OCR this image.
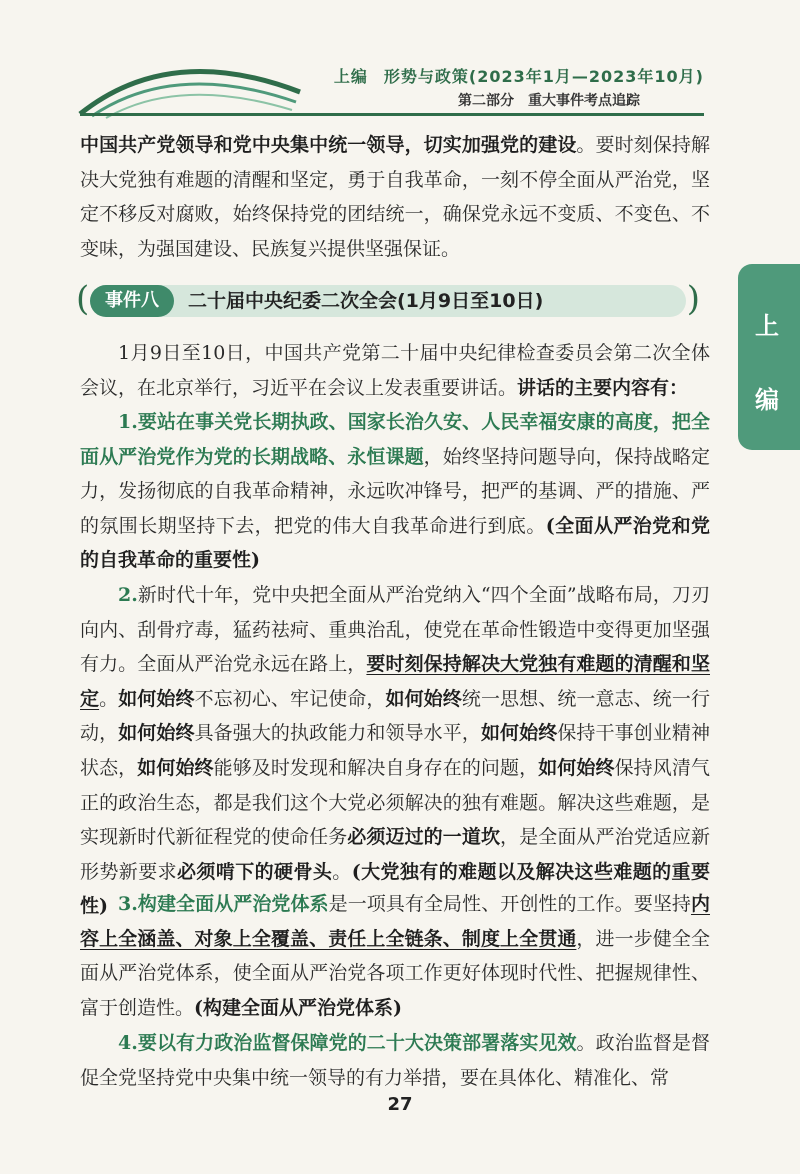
上编 形势与政策(2023年1月—2023年10月)
第二部分　重大事件考点追踪
上
编

中国共产党领导和党中央集中统一领导，切实加强党的建设。要时刻保持解决大党独有难题的清醒和坚定，勇于自我革命，一刻不停全面从严治党，坚定不移反对腐败，始终保持党的团结统一，确保党永远不变质、不变色、不变味，为强国建设、民族复兴提供坚强保证。

( 事件八	二十届中央纪委二次全会(1月9日至10日)	)

1月9日至10日，中国共产党第二十届中央纪律检查委员会第二次全体会议，在北京举行，习近平在会议上发表重要讲话。讲话的主要内容有：

1.要站在事关党长期执政、国家长治久安、人民幸福安康的高度，把全面从严治党作为党的长期战略、永恒课题，始终坚持问题导向，保持战略定力，发扬彻底的自我革命精神，永远吹冲锋号，把严的基调、严的措施、严的氛围长期坚持下去，把党的伟大自我革命进行到底。(全面从严治党和党的自我革命的重要性)

2.新时代十年，党中央把全面从严治党纳入“四个全面”战略布局，刀刃向内、刮骨疗毒，猛药祛疴、重典治乱，使党在革命性锻造中变得更加坚强有力。全面从严治党永远在路上，要时刻保持解决大党独有难题的清醒和坚定。如何始终不忘初心、牢记使命，如何始终统一思想、统一意志、统一行动，如何始终具备强大的执政能力和领导水平，如何始终保持干事创业精神状态，如何始终能够及时发现和解决自身存在的问题，如何始终保持风清气正的政治生态，都是我们这个大党必须解决的独有难题。解决这些难题，是实现新时代新征程党的使命任务必须迈过的一道坎，是全面从严治党适应新形势新要求必须啃下的硬骨头。(大党独有的难题以及解决这些难题的重要性) 3.构建全面从严治党体系是一项具有全局性、开创性的工作。要坚持内容上全涵盖、对象上全覆盖、责任上全链条、制度上全贯通，进一步健全全面从严治党体系，使全面从严治党各项工作更好体现时代性、把握规律性、富于创造性。(构建全面从严治党体系)

4.要以有力政治监督保障党的二十大决策部署落实见效。政治监督是督促全党坚持党中央集中统一领导的有力举措，要在具体化、精准化、常

27
